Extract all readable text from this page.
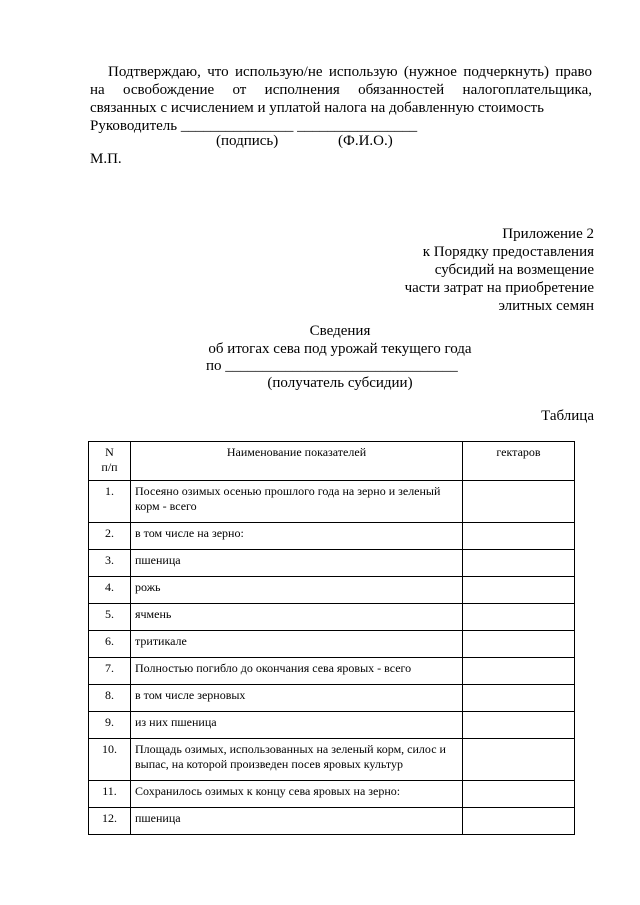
Подтверждаю, что использую/не использую (нужное подчеркнуть) право
на освобождение от исполнения обязанностей налогоплательщика,
связанных с исчислением и уплатой налога на добавленную стоимость
Руководитель _______________ ________________
(подпись)	(Ф.И.О.)
М.П.
Приложение 2
к Порядку предоставления
субсидий на возмещение
части затрат на приобретение
элитных семян
Сведения
об итогах сева под урожай текущего года
по _______________________________
(получатель субсидии)
Таблица
N
п/п	Наименование показателей	гектаров
1.	Посеяно озимых осенью прошлого года на зерно и зеленый корм - всего	
2.	в том числе на зерно:	
3.	пшеница	
4.	рожь	
5.	ячмень	
6.	тритикале	
7.	Полностью погибло до окончания сева яровых - всего	
8.	в том числе зерновых	
9.	из них пшеница	
10.	Площадь озимых, использованных на зеленый корм, силос и выпас, на которой произведен посев яровых культур	
11.	Сохранилось озимых к концу сева яровых на зерно:	
12.	пшеница	
